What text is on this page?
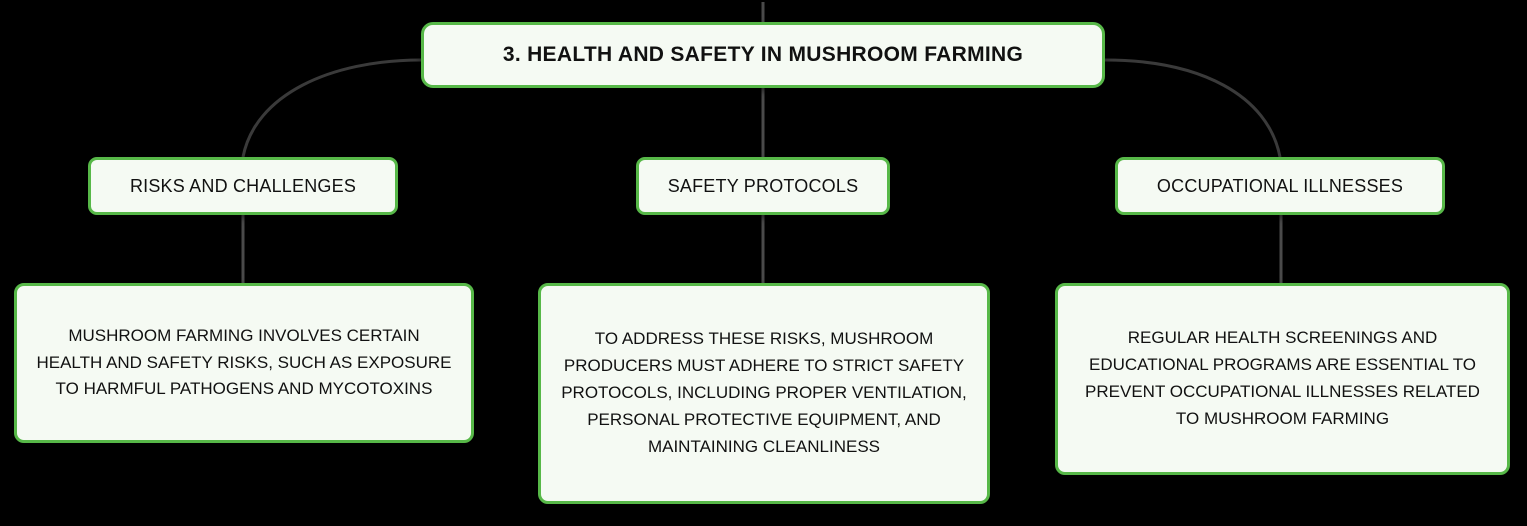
3. HEALTH AND SAFETY IN MUSHROOM FARMING
RISKS AND CHALLENGES	SAFETY PROTOCOLS	OCCUPATIONAL ILLNESSES
MUSHROOM FARMING INVOLVES CERTAIN HEALTH AND SAFETY RISKS, SUCH AS EXPOSURE TO HARMFUL PATHOGENS AND MYCOTOXINS
TO ADDRESS THESE RISKS, MUSHROOM PRODUCERS MUST ADHERE TO STRICT SAFETY PROTOCOLS, INCLUDING PROPER VENTILATION, PERSONAL PROTECTIVE EQUIPMENT, AND MAINTAINING CLEANLINESS
REGULAR HEALTH SCREENINGS AND EDUCATIONAL PROGRAMS ARE ESSENTIAL TO PREVENT OCCUPATIONAL ILLNESSES RELATED TO MUSHROOM FARMING
